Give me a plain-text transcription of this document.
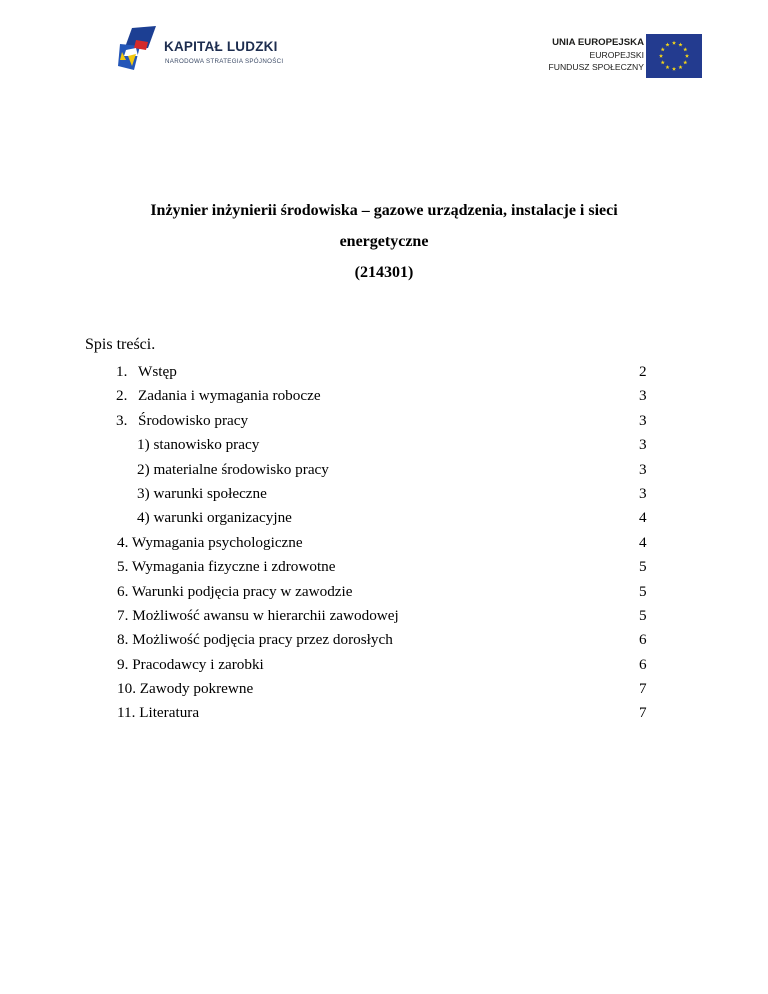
KAPITAŁ LUDZKI
NARODOWA STRATEGIA SPÓJNOŚCI
UNIA EUROPEJSKA
EUROPEJSKI
FUNDUSZ SPOŁECZNY
Inżynier inżynierii środowiska – gazowe urządzenia, instalacje i sieci
energetyczne
(214301)
Spis treści.
1. Wstęp	2
2. Zadania i wymagania robocze	3
3. Środowisko pracy	3
1) stanowisko pracy	3
2) materialne środowisko pracy	3
3) warunki społeczne	3
4) warunki organizacyjne	4
4. Wymagania psychologiczne	4
5. Wymagania fizyczne i zdrowotne	5
6. Warunki podjęcia pracy w zawodzie	5
7. Możliwość awansu w hierarchii zawodowej	5
8. Możliwość podjęcia pracy przez dorosłych	6
9. Pracodawcy i zarobki	6
10. Zawody pokrewne	7
11. Literatura	7
